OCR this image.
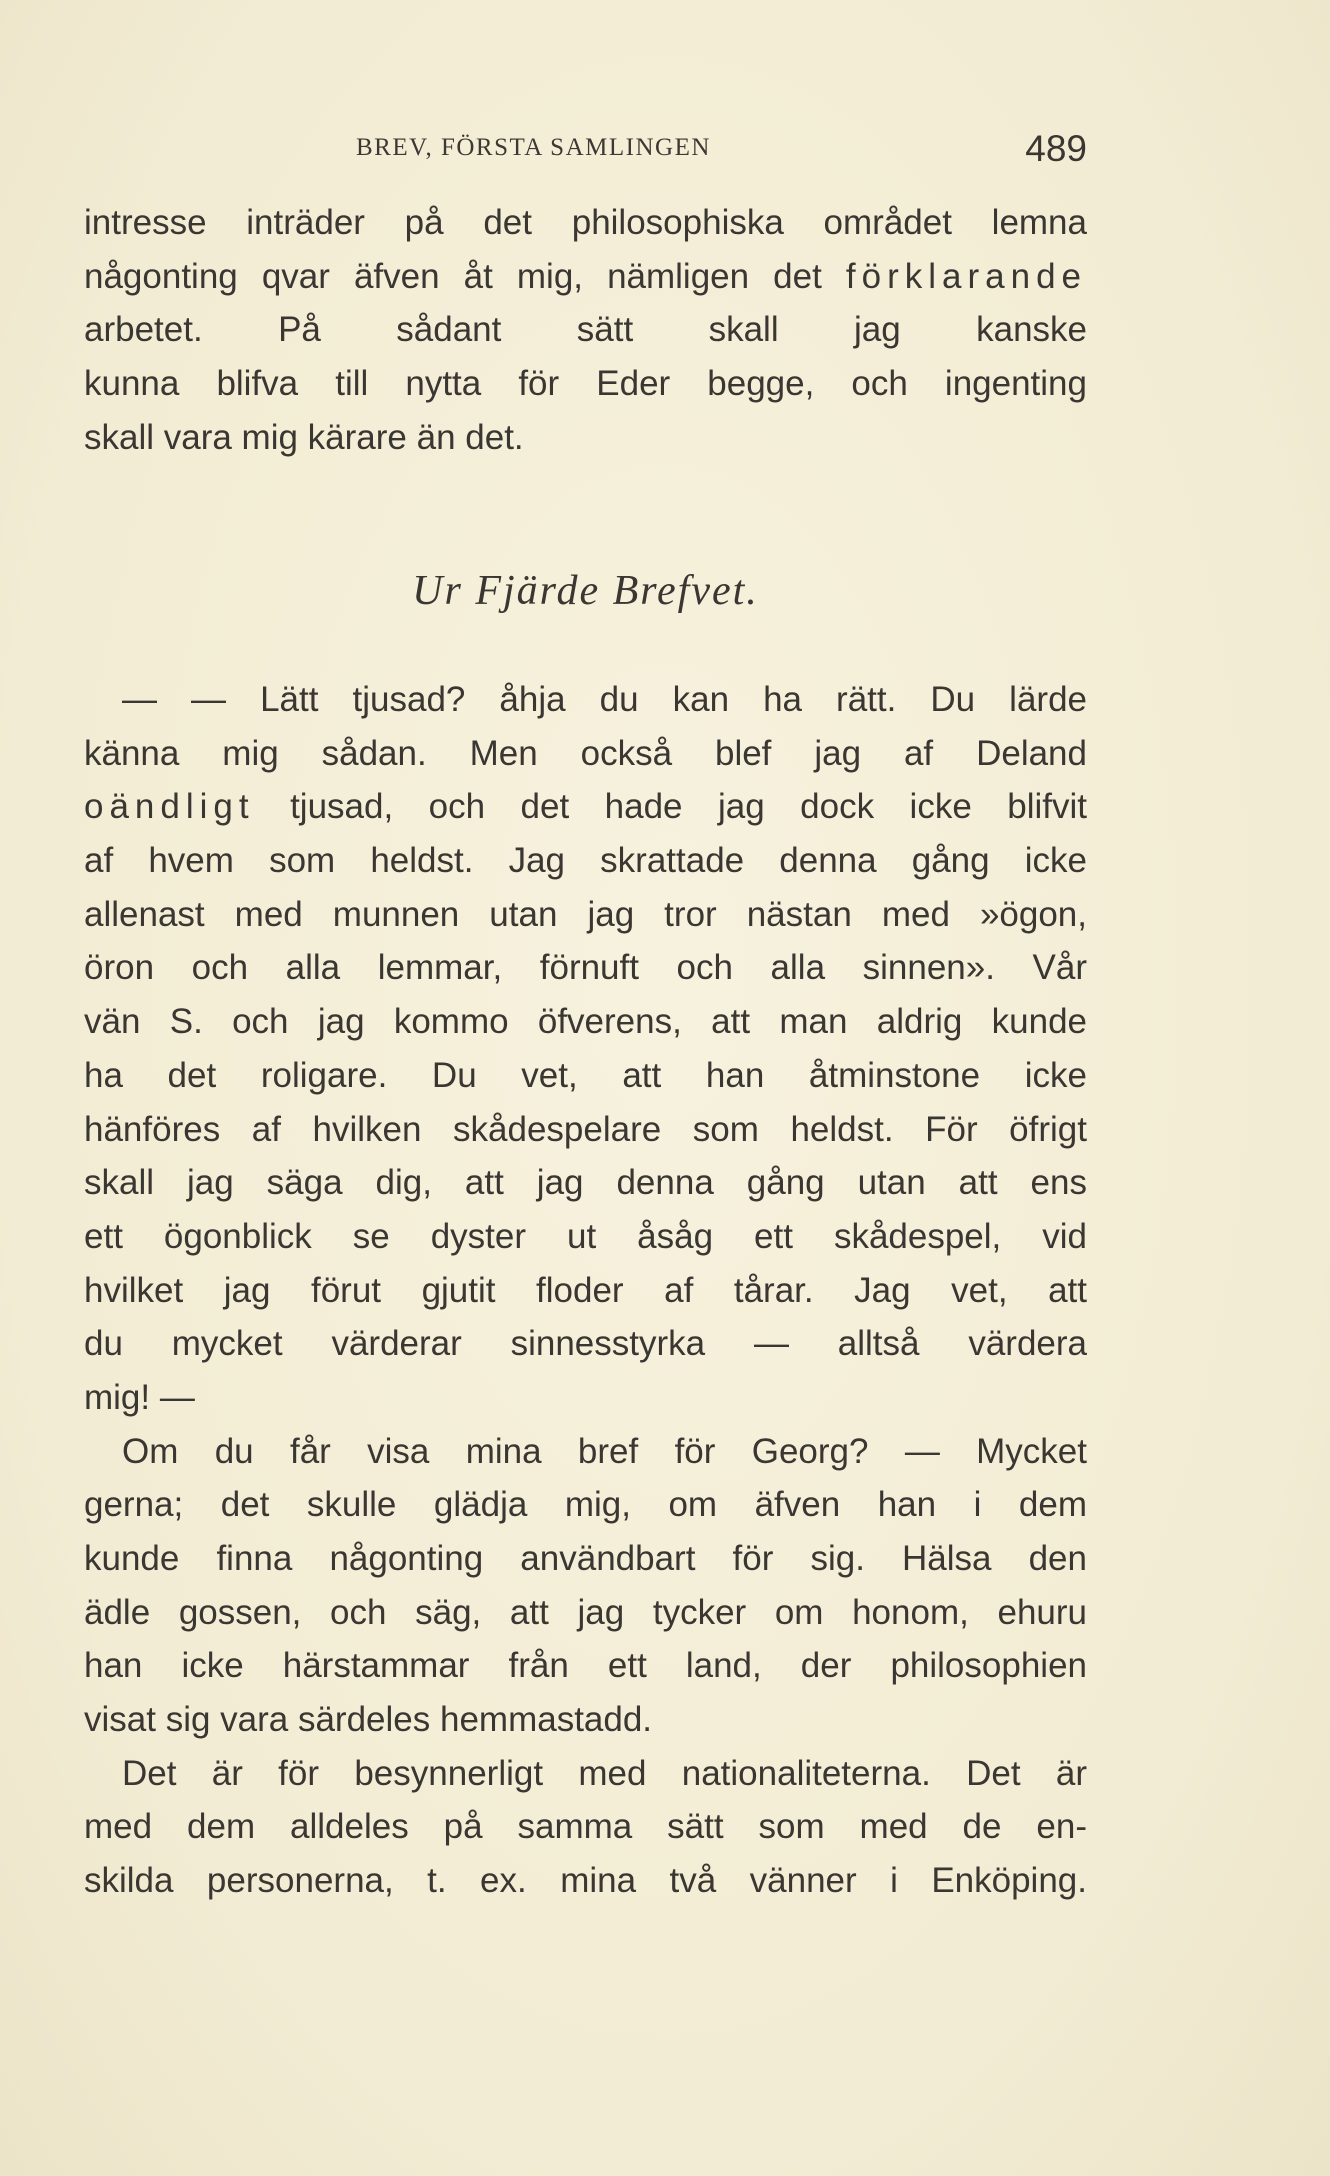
BREV, FÖRSTA SAMLINGEN	489
intresse inträder på det philosophiska området lemna
någonting qvar äfven åt mig, nämligen det förklarande
arbetet. På sådant sätt skall jag kanske
kunna blifva till nytta för Eder begge, och ingenting
skall vara mig kärare än det.
Ur Fjärde Brefvet.
— — Lätt tjusad? åhja du kan ha rätt. Du lärde
känna mig sådan. Men också blef jag af Deland
oändligt tjusad, och det hade jag dock icke blifvit
af hvem som heldst. Jag skrattade denna gång icke
allenast med munnen utan jag tror nästan med »ögon,
öron och alla lemmar, förnuft och alla sinnen». Vår
vän S. och jag kommo öfverens, att man aldrig kunde
ha det roligare. Du vet, att han åtminstone icke
hänföres af hvilken skådespelare som heldst. För öfrigt
skall jag säga dig, att jag denna gång utan att ens
ett ögonblick se dyster ut åsåg ett skådespel, vid
hvilket jag förut gjutit floder af tårar. Jag vet, att
du mycket värderar sinnesstyrka — alltså värdera
mig! —
Om du får visa mina bref för Georg? — Mycket
gerna; det skulle glädja mig, om äfven han i dem
kunde finna någonting användbart för sig. Hälsa den
ädle gossen, och säg, att jag tycker om honom, ehuru
han icke härstammar från ett land, der philosophien
visat sig vara särdeles hemmastadd.
Det är för besynnerligt med nationaliteterna. Det är
med dem alldeles på samma sätt som med de en-
skilda personerna, t. ex. mina två vänner i Enköping.
